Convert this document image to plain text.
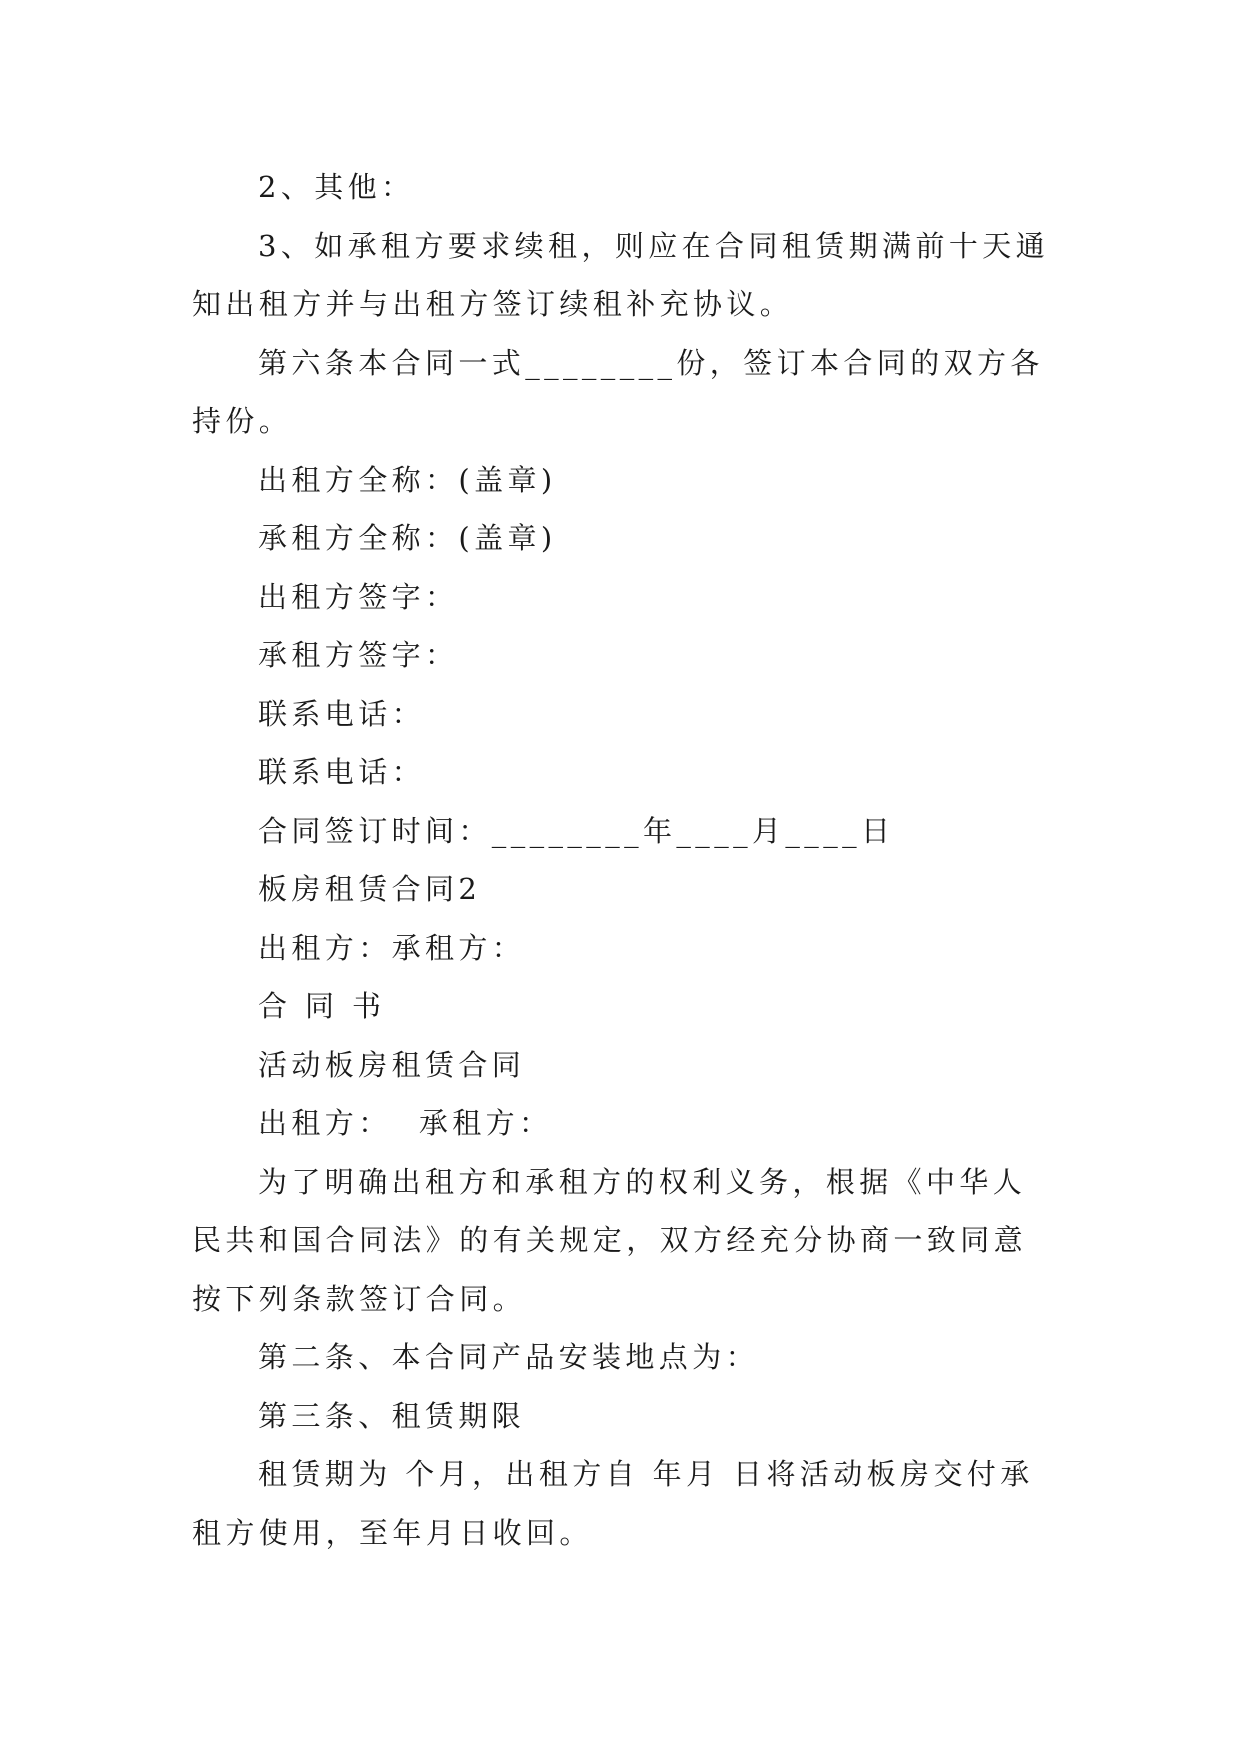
2、其他：

3、如承租方要求续租，则应在合同租赁期满前十天通知出租方并与出租方签订续租补充协议。

第六条本合同一式________份，签订本合同的双方各持份。

出租方全称：(盖章)

承租方全称：(盖章)

出租方签字：

承租方签字：

联系电话：

联系电话：

合同签订时间：________年____月____日

板房租赁合同2

出租方：承租方：

合 同 书

活动板房租赁合同

出租方：  承租方：

为了明确出租方和承租方的权利义务，根据《中华人民共和国合同法》的有关规定，双方经充分协商一致同意按下列条款签订合同。

第二条、本合同产品安装地点为：

第三条、租赁期限

租赁期为 个月，出租方自 年月 日将活动板房交付承租方使用，至年月日收回。
